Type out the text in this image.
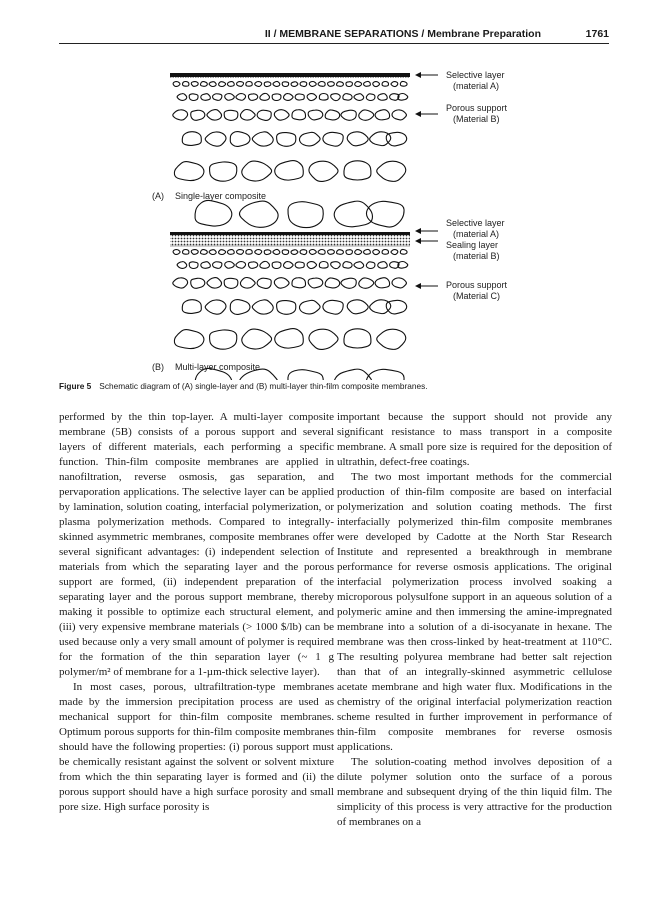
II / MEMBRANE SEPARATIONS / Membrane Preparation	1761
Selective layer
(material A)
Porous support
(Material B)
(A) Single-layer composite
Selective layer
(material A)
Sealing layer
(material B)
Porous support
(Material C)
(B) Multi-layer composite
Figure 5 Schematic diagram of (A) single-layer and (B) multi-layer thin-film composite membranes.

performed by the thin top-layer. A multi-layer composite membrane (5B) consists of a porous support and several layers of different materials, each performing a specific function. Thin-film composite membranes are applied in nanofiltration, reverse osmosis, gas separation, and pervaporation applications. The selective layer can be applied by lamination, solution coating, interfacial polymerization, or plasma polymerization methods. Compared to integrally-skinned asymmetric membranes, composite membranes offer several significant advantages: (i) independent selection of materials from which the separating layer and the porous support are formed, (ii) independent preparation of the separating layer and the porous support membrane, thereby making it possible to optimize each structural element, and (iii) very expensive membrane materials (> 1000 $/lb) can be used because only a very small amount of polymer is required for the formation of the thin separation layer (~ 1 g polymer/m² of membrane for a 1-µm-thick selective layer).

In most cases, porous, ultrafiltration-type membranes made by the immersion precipitation process are used as mechanical support for thin-film composite membranes. Optimum porous supports for thin-film composite membranes should have the following properties: (i) porous support must be chemically resistant against the solvent or solvent mixture from which the thin separating layer is formed and (ii) the porous support should have a high surface porosity and small pore size. High surface porosity is

important because the support should not provide any significant resistance to mass transport in a composite membrane. A small pore size is required for the deposition of ultrathin, defect-free coatings.

The two most important methods for the commercial production of thin-film composite are based on interfacial polymerization and solution coating methods. The first interfacially polymerized thin-film composite membranes were developed by Cadotte at the North Star Research Institute and represented a breakthrough in membrane performance for reverse osmosis applications. The original interfacial polymerization process involved soaking a microporous polysulfone support in an aqueous solution of a polymeric amine and then immersing the amine-impregnated membrane into a solution of a di-isocyanate in hexane. The membrane was then cross-linked by heat-treatment at 110°C. The resulting polyurea membrane had better salt rejection than that of an integrally-skinned asymmetric cellulose acetate membrane and high water flux. Modifications in the chemistry of the original interfacial polymerization reaction scheme resulted in further improvement in performance of thin-film composite membranes for reverse osmosis applications.

The solution-coating method involves deposition of a dilute polymer solution onto the surface of a porous membrane and subsequent drying of the thin liquid film. The simplicity of this process is very attractive for the production of membranes on a
